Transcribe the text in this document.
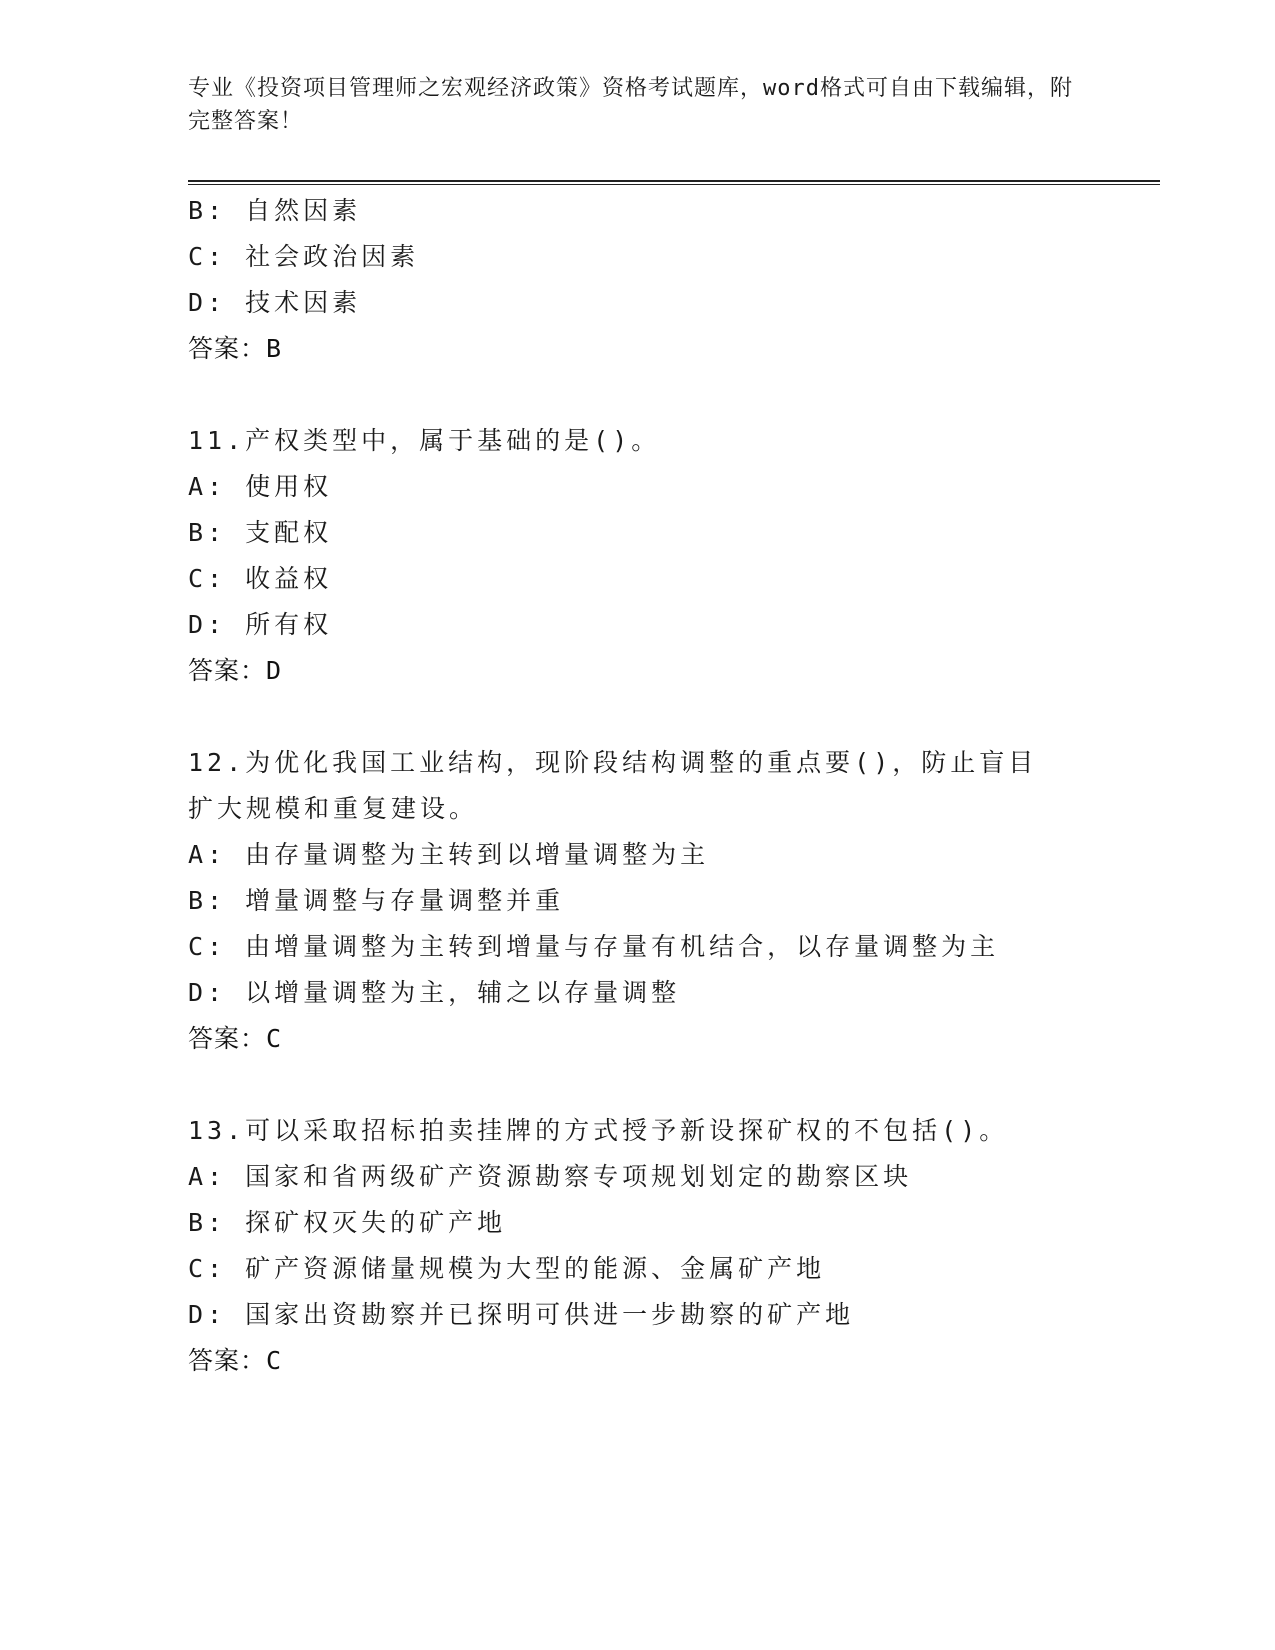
专业《投资项目管理师之宏观经济政策》资格考试题库，word格式可自由下载编辑，附完整答案！
B: 自然因素
C: 社会政治因素
D: 技术因素
答案：B
11.产权类型中，属于基础的是()。
A: 使用权
B: 支配权
C: 收益权
D: 所有权
答案：D
12.为优化我国工业结构，现阶段结构调整的重点要()，防止盲目扩大规模和重复建设。
A: 由存量调整为主转到以增量调整为主
B: 增量调整与存量调整并重
C: 由增量调整为主转到增量与存量有机结合，以存量调整为主
D: 以增量调整为主，辅之以存量调整
答案：C
13.可以采取招标拍卖挂牌的方式授予新设探矿权的不包括()。
A: 国家和省两级矿产资源勘察专项规划划定的勘察区块
B: 探矿权灭失的矿产地
C: 矿产资源储量规模为大型的能源、金属矿产地
D: 国家出资勘察并已探明可供进一步勘察的矿产地
答案：C
